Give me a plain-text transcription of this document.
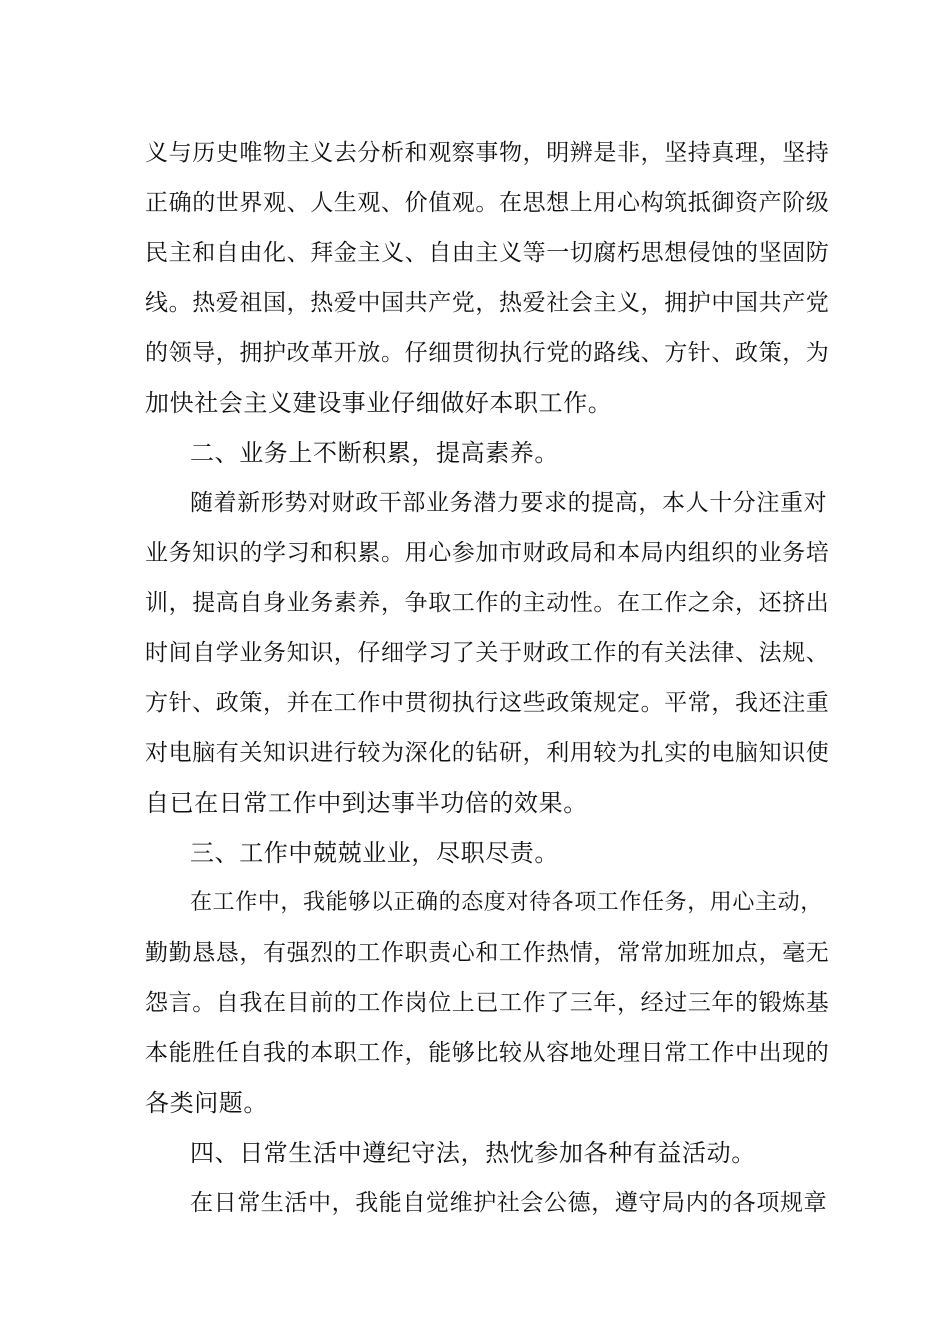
义与历史唯物主义去分析和观察事物，明辨是非，坚持真理，坚持
正确的世界观、人生观、价值观。在思想上用心构筑抵御资产阶级
民主和自由化、拜金主义、自由主义等一切腐朽思想侵蚀的坚固防
线。热爱祖国，热爱中国共产党，热爱社会主义，拥护中国共产党
的领导，拥护改革开放。仔细贯彻执行党的路线、方针、政策，为
加快社会主义建设事业仔细做好本职工作。
二、业务上不断积累，提高素养。
随着新形势对财政干部业务潜力要求的提高，本人十分注重对
业务知识的学习和积累。用心参加市财政局和本局内组织的业务培
训，提高自身业务素养，争取工作的主动性。在工作之余，还挤出
时间自学业务知识，仔细学习了关于财政工作的有关法律、法规、
方针、政策，并在工作中贯彻执行这些政策规定。平常，我还注重
对电脑有关知识进行较为深化的钻研，利用较为扎实的电脑知识使
自已在日常工作中到达事半功倍的效果。
三、工作中兢兢业业，尽职尽责。
在工作中，我能够以正确的态度对待各项工作任务，用心主动，
勤勤恳恳，有强烈的工作职责心和工作热情，常常加班加点，毫无
怨言。自我在目前的工作岗位上已工作了三年，经过三年的锻炼基
本能胜任自我的本职工作，能够比较从容地处理日常工作中出现的
各类问题。
四、日常生活中遵纪守法，热忱参加各种有益活动。
在日常生活中，我能自觉维护社会公德，遵守局内的各项规章
